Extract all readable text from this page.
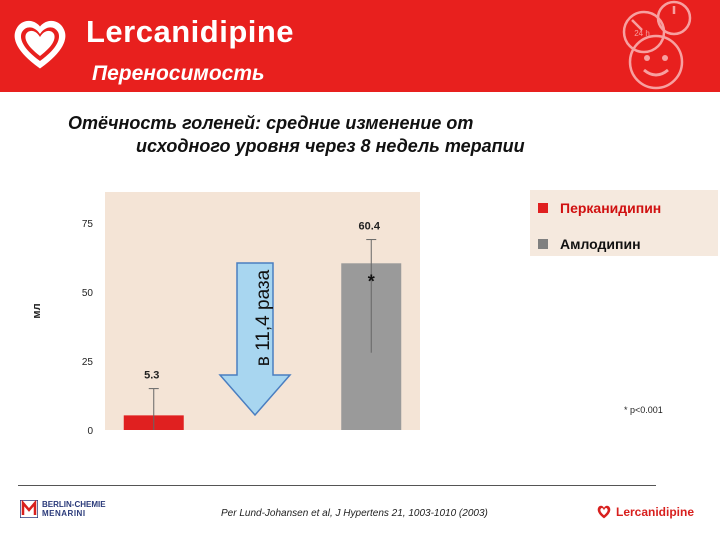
Lercanidipine
Переносимость
24 h
Отёчность голеней: средние изменение от
исходного уровня через 8 недель терапии
75
50
25
0
мл
5.3
60.4
*
в 11,4 раза
Перканидипин
Амлодипин
* p<0.001
BERLIN-CHEMIE
MENARINI	Per Lund-Johansen et al, J Hypertens 21, 1003-1010 (2003)	Lercanidipine
